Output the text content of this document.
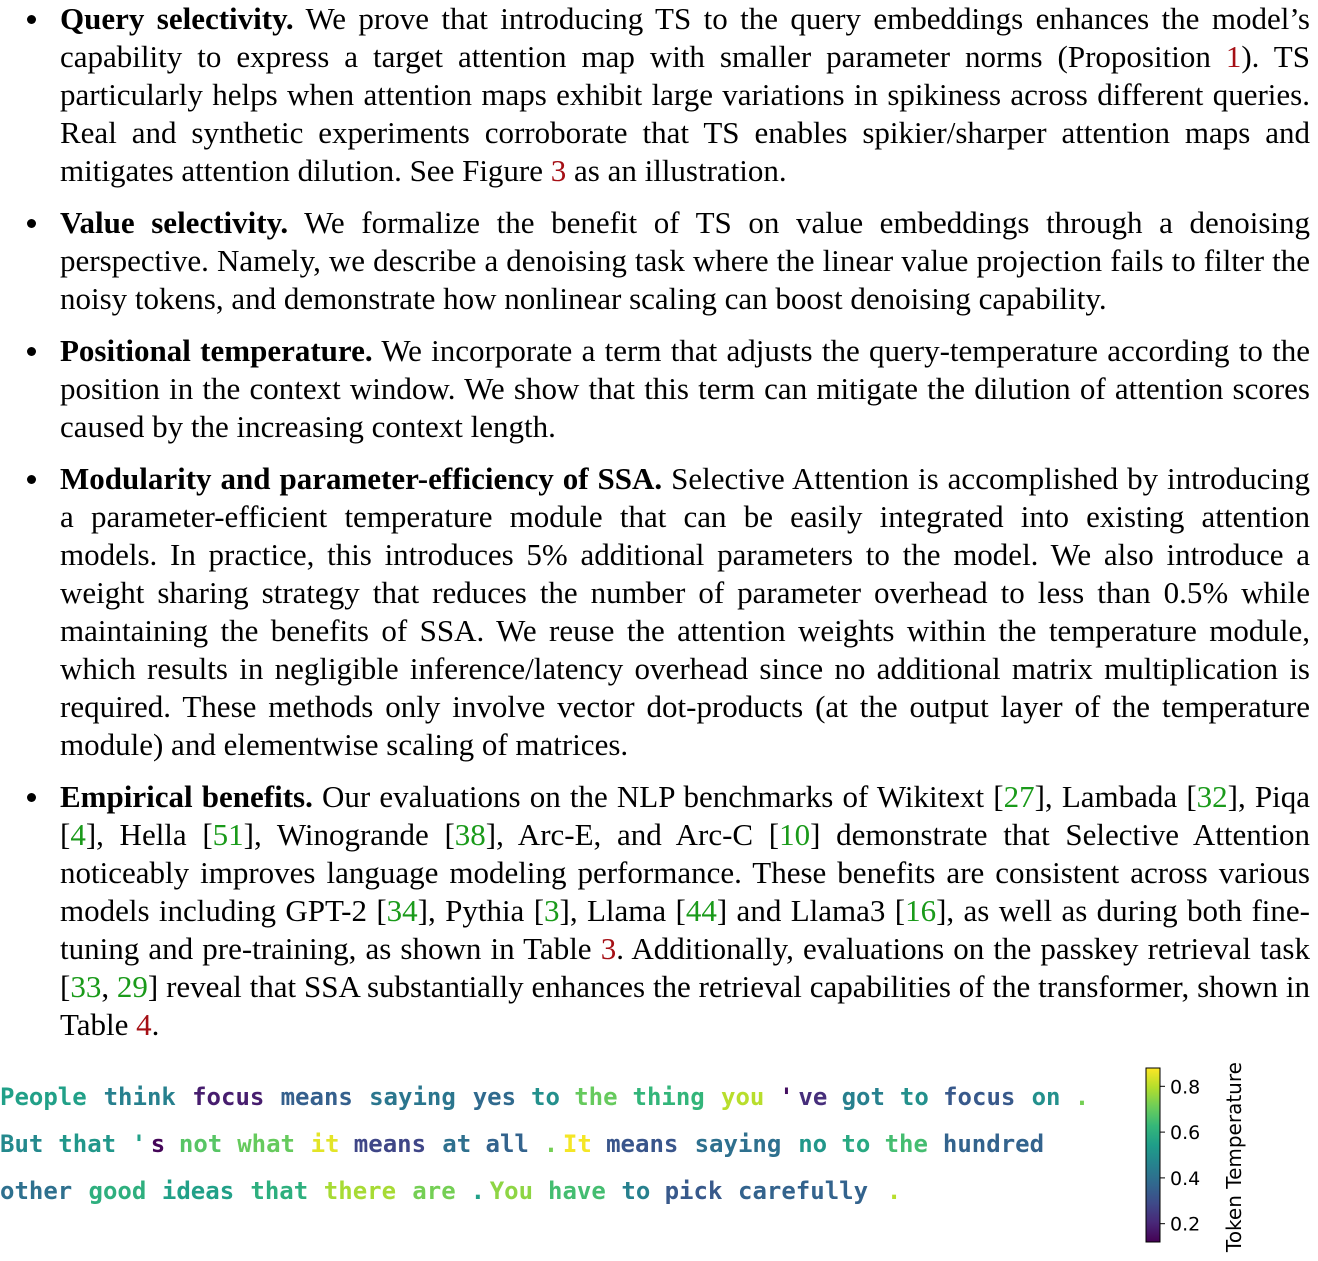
Query selectivity. We prove that introducing TS to the query embeddings enhances the model’s capability to express a target attention map with smaller parameter norms (Proposition 1). TS particularly helps when attention maps exhibit large variations in spikiness across different queries. Real and synthetic experiments corroborate that TS enables spikier/sharper attention maps and mitigates attention dilution. See Figure 3 as an illustration.
Value selectivity. We formalize the benefit of TS on value embeddings through a denoising perspective. Namely, we describe a denoising task where the linear value projection fails to filter the noisy tokens, and demonstrate how nonlinear scaling can boost denoising capability.
Positional temperature. We incorporate a term that adjusts the query-temperature according to the position in the context window. We show that this term can mitigate the dilution of attention scores caused by the increasing context length.
Modularity and parameter-efficiency of SSA. Selective Attention is accomplished by introducing a parameter-efficient temperature module that can be easily integrated into existing attention models. In practice, this introduces 5% additional parameters to the model. We also introduce a weight sharing strategy that reduces the number of parameter overhead to less than 0.5% while maintaining the benefits of SSA. We reuse the attention weights within the temperature module, which results in negligible inference/latency overhead since no additional matrix multiplication is required. These methods only involve vector dot-products (at the output layer of the temperature module) and elementwise scaling of matrices.
Empirical benefits. Our evaluations on the NLP benchmarks of Wikitext [27], Lambada [32], Piqa [4], Hella [51], Winogrande [38], Arc-E, and Arc-C [10] demonstrate that Selective Attention noticeably improves language modeling performance. These benefits are consistent across various models including GPT-2 [34], Pythia [3], Llama [44] and Llama3 [16], as well as during both fine-tuning and pre-training, as shown in Table 3. Additionally, evaluations on the passkey retrieval task [33, 29] reveal that SSA substantially enhances the retrieval capabilities of the transformer, shown in Table 4.
People think focus means saying yes to the thing you ' ve got to focus on .
But that ' s not what it means at all . It means saying no to the hundred
other good ideas that there are . You have to pick carefully .
0.2
0.4
0.6
0.8 Token Temperature
